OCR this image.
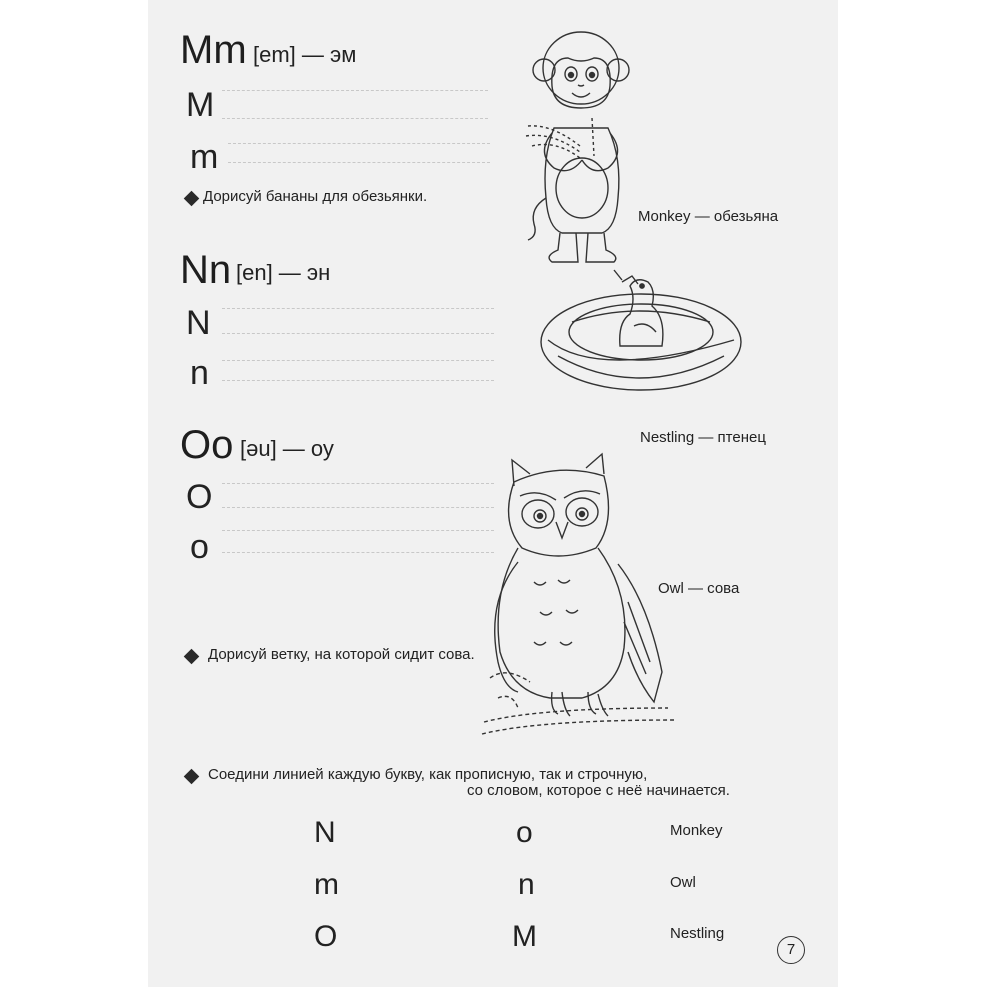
Mm [em] — эм
M
m
Дорисуй бананы для обезьянки.
Nn [en] — эн
N
n
Oo [əu] — оу
O
o
Дорисуй ветку, на которой сидит сова.
Monkey — обезьяна
Nestling — птенец
Owl — сова
Соедини линией каждую букву, как прописную, так и строчную,
со словом, которое с неё начинается.
N
m
O
o
n
M
Monkey
Owl
Nestling
7
